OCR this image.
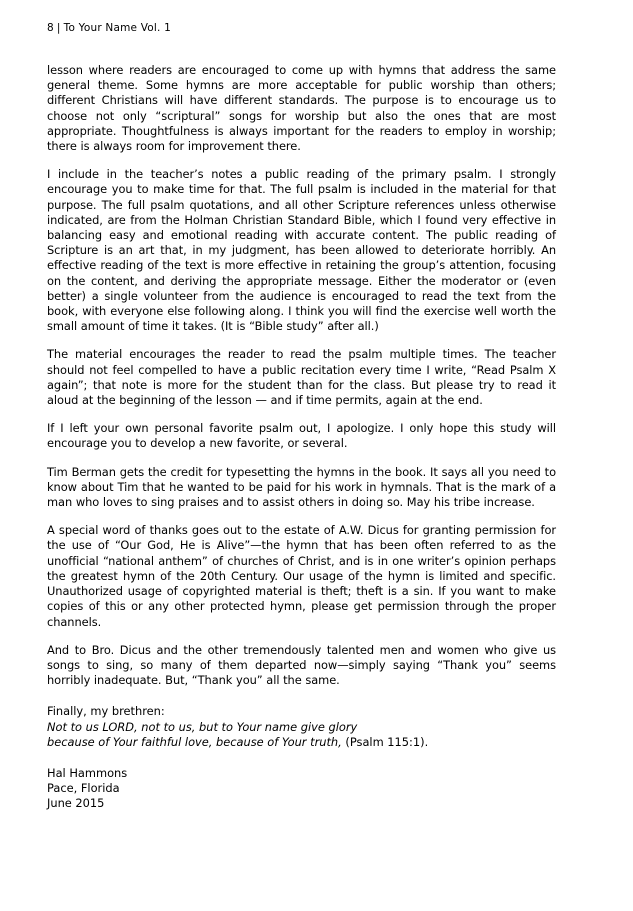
8 | To Your Name Vol. 1

lesson where readers are encouraged to come up with hymns that address the same general theme. Some hymns are more acceptable for public worship than others; different Christians will have different standards. The purpose is to encourage us to choose not only “scriptural” songs for worship but also the ones that are most appropriate. Thoughtfulness is always important for the readers to employ in worship; there is always room for improvement there.

I include in the teacher’s notes a public reading of the primary psalm. I strongly encourage you to make time for that. The full psalm is included in the material for that purpose. The full psalm quotations, and all other Scripture references unless otherwise indicated, are from the Holman Christian Standard Bible, which I found very effective in balancing easy and emotional reading with accurate content. The public reading of Scripture is an art that, in my judgment, has been allowed to deteriorate horribly. An effective reading of the text is more effective in retaining the group’s attention, focusing on the content, and deriving the appropriate message. Either the moderator or (even better) a single volunteer from the audience is encouraged to read the text from the book, with everyone else following along. I think you will find the exercise well worth the small amount of time it takes. (It is “Bible study” after all.)

The material encourages the reader to read the psalm multiple times. The teacher should not feel compelled to have a public recitation every time I write, “Read Psalm X again”; that note is more for the student than for the class. But please try to read it aloud at the beginning of the lesson — and if time permits, again at the end.

If I left your own personal favorite psalm out, I apologize. I only hope this study will encourage you to develop a new favorite, or several.

Tim Berman gets the credit for typesetting the hymns in the book. It says all you need to know about Tim that he wanted to be paid for his work in hymnals. That is the mark of a man who loves to sing praises and to assist others in doing so. May his tribe increase.

A special word of thanks goes out to the estate of A.W. Dicus for granting permission for the use of “Our God, He is Alive”—the hymn that has been often referred to as the unofficial “national anthem” of churches of Christ, and is in one writer’s opinion perhaps the greatest hymn of the 20th Century. Our usage of the hymn is limited and specific. Unauthorized usage of copyrighted material is theft; theft is a sin. If you want to make copies of this or any other protected hymn, please get permission through the proper channels.

And to Bro. Dicus and the other tremendously talented men and women who give us songs to sing, so many of them departed now—simply saying “Thank you” seems horribly inadequate. But, “Thank you” all the same.

Finally, my brethren:
Not to us LORD, not to us, but to Your name give glory
because of Your faithful love, because of Your truth, (Psalm 115:1).
Hal Hammons
Pace, Florida
June 2015
